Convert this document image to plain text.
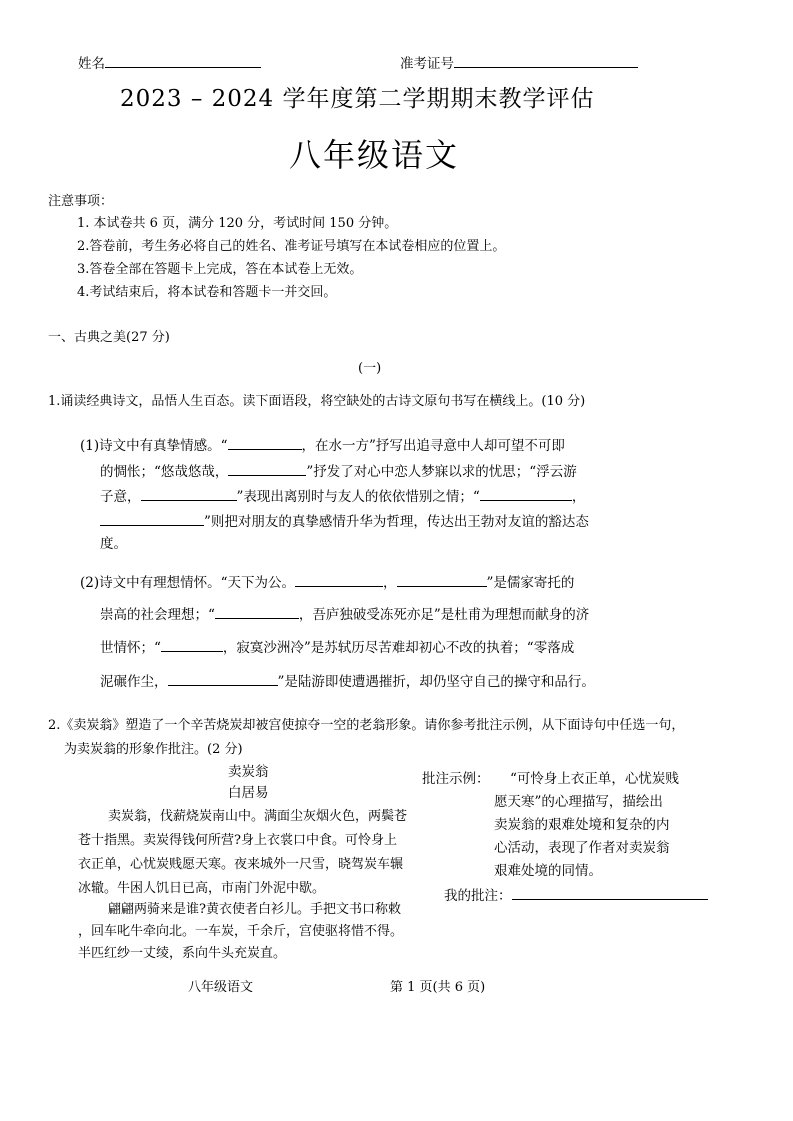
姓名	准考证号
2023 – 2024 学年度第二学期期末教学评估
八年级语文
注意事项：
1. 本试卷共 6 页，满分 120 分，考试时间 150 分钟。
2.答卷前，考生务必将自己的姓名、准考证号填写在本试卷相应的位置上。
3.答卷全部在答题卡上完成，答在本试卷上无效。
4.考试结束后，将本试卷和答题卡一并交回。
一、古典之美(27 分)
(一)
1.诵读经典诗文，品悟人生百态。读下面语段，将空缺处的古诗文原句书写在横线上。(10 分)
(1)诗文中有真挚情感。“	，在水一方”抒写出追寻意中人却可望不可即
的惆怅；“悠哉悠哉，	”抒发了对心中恋人梦寐以求的忧思；“浮云游
子意，	”表现出离别时与友人的依依惜别之情；“	，
”则把对朋友的真挚感情升华为哲理，传达出王勃对友谊的豁达态
度。
(2)诗文中有理想情怀。“天下为公。	，	”是儒家寄托的
崇高的社会理想；“	，吾庐独破受冻死亦足”是杜甫为理想而献身的济
世情怀；“	，寂寞沙洲冷”是苏轼历尽苦难却初心不改的执着；“零落成
泥碾作尘，	”是陆游即使遭遇摧折，却仍坚守自己的操守和品行。
2.《卖炭翁》塑造了一个辛苦烧炭却被宫使掠夺一空的老翁形象。请你参考批注示例，从下面诗句中任选一句，
为卖炭翁的形象作批注。(2 分)
卖炭翁
白居易
卖炭翁，伐薪烧炭南山中。满面尘灰烟火色，两鬓苍
苍十指黑。卖炭得钱何所营?身上衣裳口中食。可怜身上
衣正单，心忧炭贱愿天寒。夜来城外一尺雪，晓驾炭车辗
冰辙。牛困人饥日已高，市南门外泥中歇。
翩翩两骑来是谁?黄衣使者白衫儿。手把文书口称敕
，回车叱牛牵向北。一车炭，千余斤，宫使驱将惜不得。
半匹红纱一丈绫，系向牛头充炭直。
批注示例： “可怜身上衣正单，心忧炭贱
愿天寒”的心理描写，描绘出
卖炭翁的艰难处境和复杂的内
心活动，表现了作者对卖炭翁
艰难处境的同情。
我的批注：
八年级语文	第 1 页(共 6 页)
